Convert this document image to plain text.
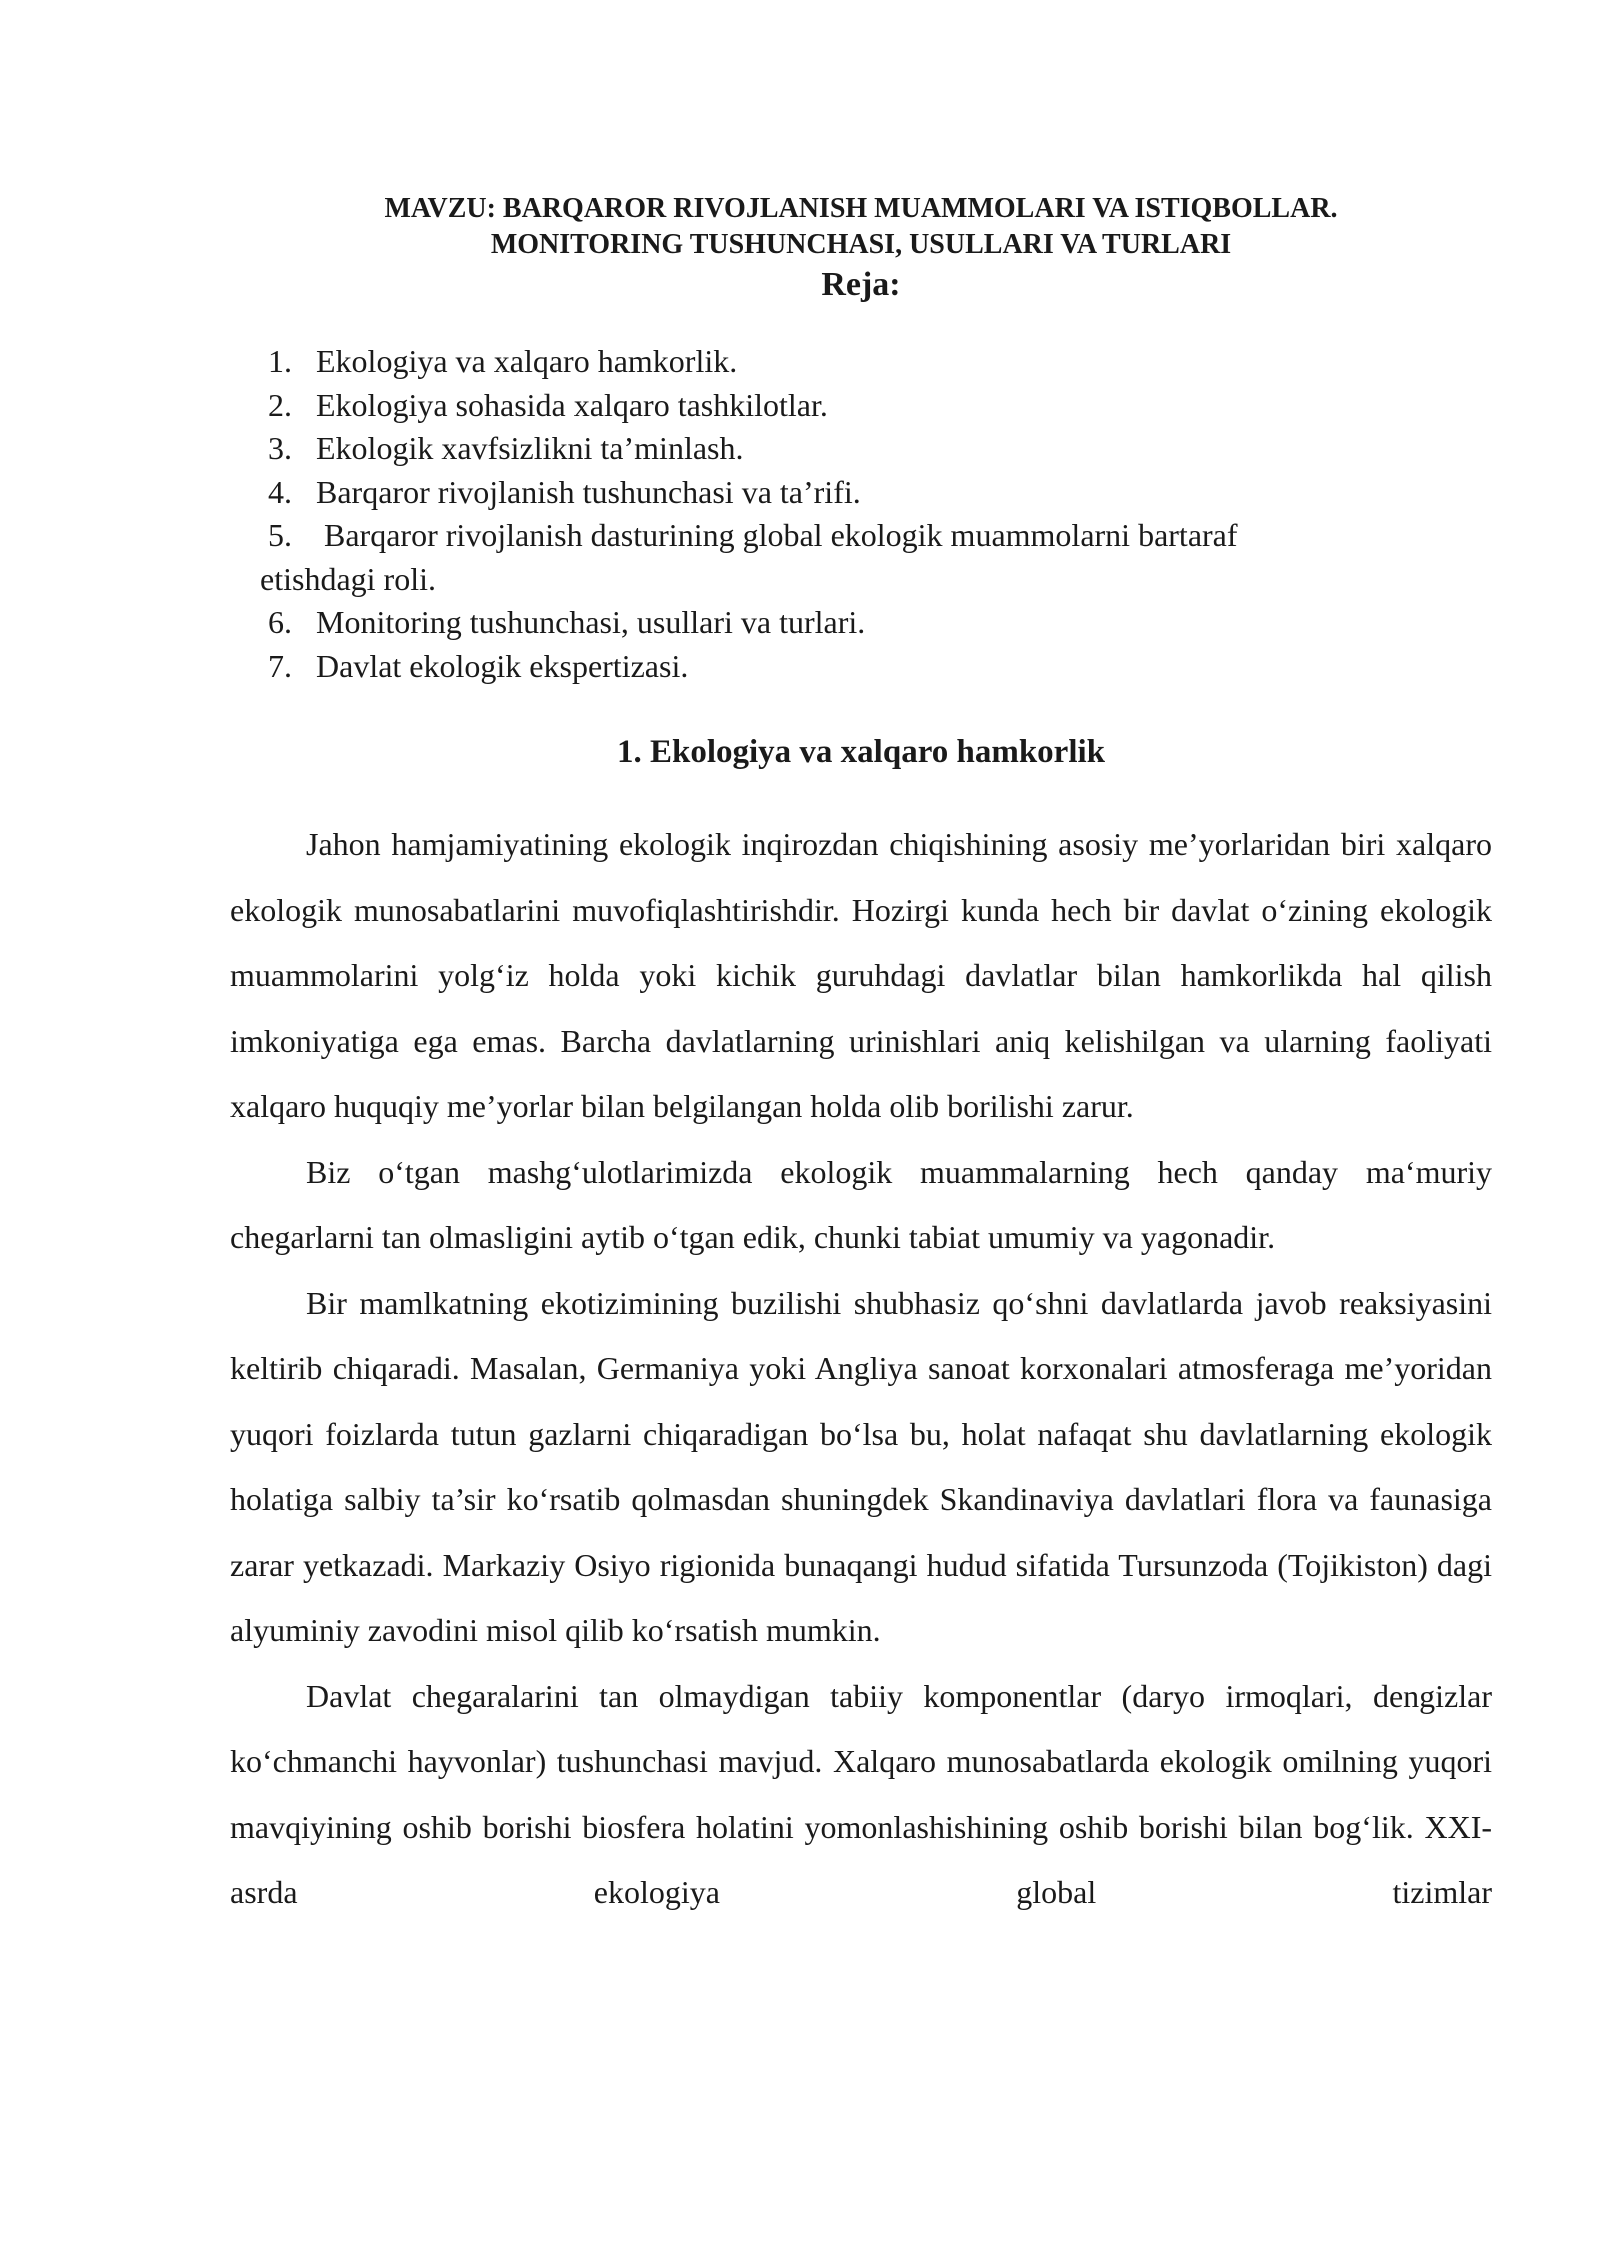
MAVZU: BARQAROR RIVOJLANISH MUAMMOLARI VA ISTIQBOLLAR.
MONITORING TUSHUNCHASI, USULLARI VA TURLARI
Reja:
1. Ekologiya va xalqaro hamkorlik.
2. Ekologiya sohasida xalqaro tashkilotlar.
3. Ekologik xavfsizlikni ta’minlash.
4. Barqaror rivojlanish tushunchasi va ta’rifi.
5. Barqaror rivojlanish dasturining global ekologik muammolarni bartaraf
etishdagi roli.
6. Monitoring tushunchasi, usullari va turlari.
7. Davlat ekologik ekspertizasi.
1. Ekologiya va xalqaro hamkorlik

Jahon hamjamiyatining ekologik inqirozdan chiqishining asosiy me’yorlaridan biri xalqaro ekologik munosabatlarini muvofiqlashtirishdir. Hozirgi kunda hech bir davlat o‘zining ekologik muammolarini yolg‘iz holda yoki kichik guruhdagi davlatlar bilan hamkorlikda hal qilish imkoniyatiga ega emas. Barcha davlatlarning urinishlari aniq kelishilgan va ularning faoliyati xalqaro huquqiy me’yorlar bilan belgilangan holda olib borilishi zarur.

Biz o‘tgan mashg‘ulotlarimizda ekologik muammalarning hech qanday ma‘muriy chegarlarni tan olmasligini aytib o‘tgan edik, chunki tabiat umumiy va yagonadir.

Bir mamlkatning ekotizimining buzilishi shubhasiz qo‘shni davlatlarda javob reaksiyasini keltirib chiqaradi. Masalan, Germaniya yoki Angliya sanoat korxonalari atmosferaga me’yoridan yuqori foizlarda tutun gazlarni chiqaradigan bo‘lsa bu, holat nafaqat shu davlatlarning ekologik holatiga salbiy ta’sir ko‘rsatib qolmasdan shuningdek Skandinaviya davlatlari flora va faunasiga zarar yetkazadi. Markaziy Osiyo rigionida bunaqangi hudud sifatida Tursunzoda (Tojikiston) dagi alyuminiy zavodini misol qilib ko‘rsatish mumkin.

Davlat chegaralarini tan olmaydigan tabiiy komponentlar (daryo irmoqlari, dengizlar ko‘chmanchi hayvonlar) tushunchasi mavjud. Xalqaro munosabatlarda ekologik omilning yuqori mavqiyining oshib borishi biosfera holatini yomonlashishining oshib borishi bilan bog‘lik. XXI-asrda ekologiya global tizimlar
